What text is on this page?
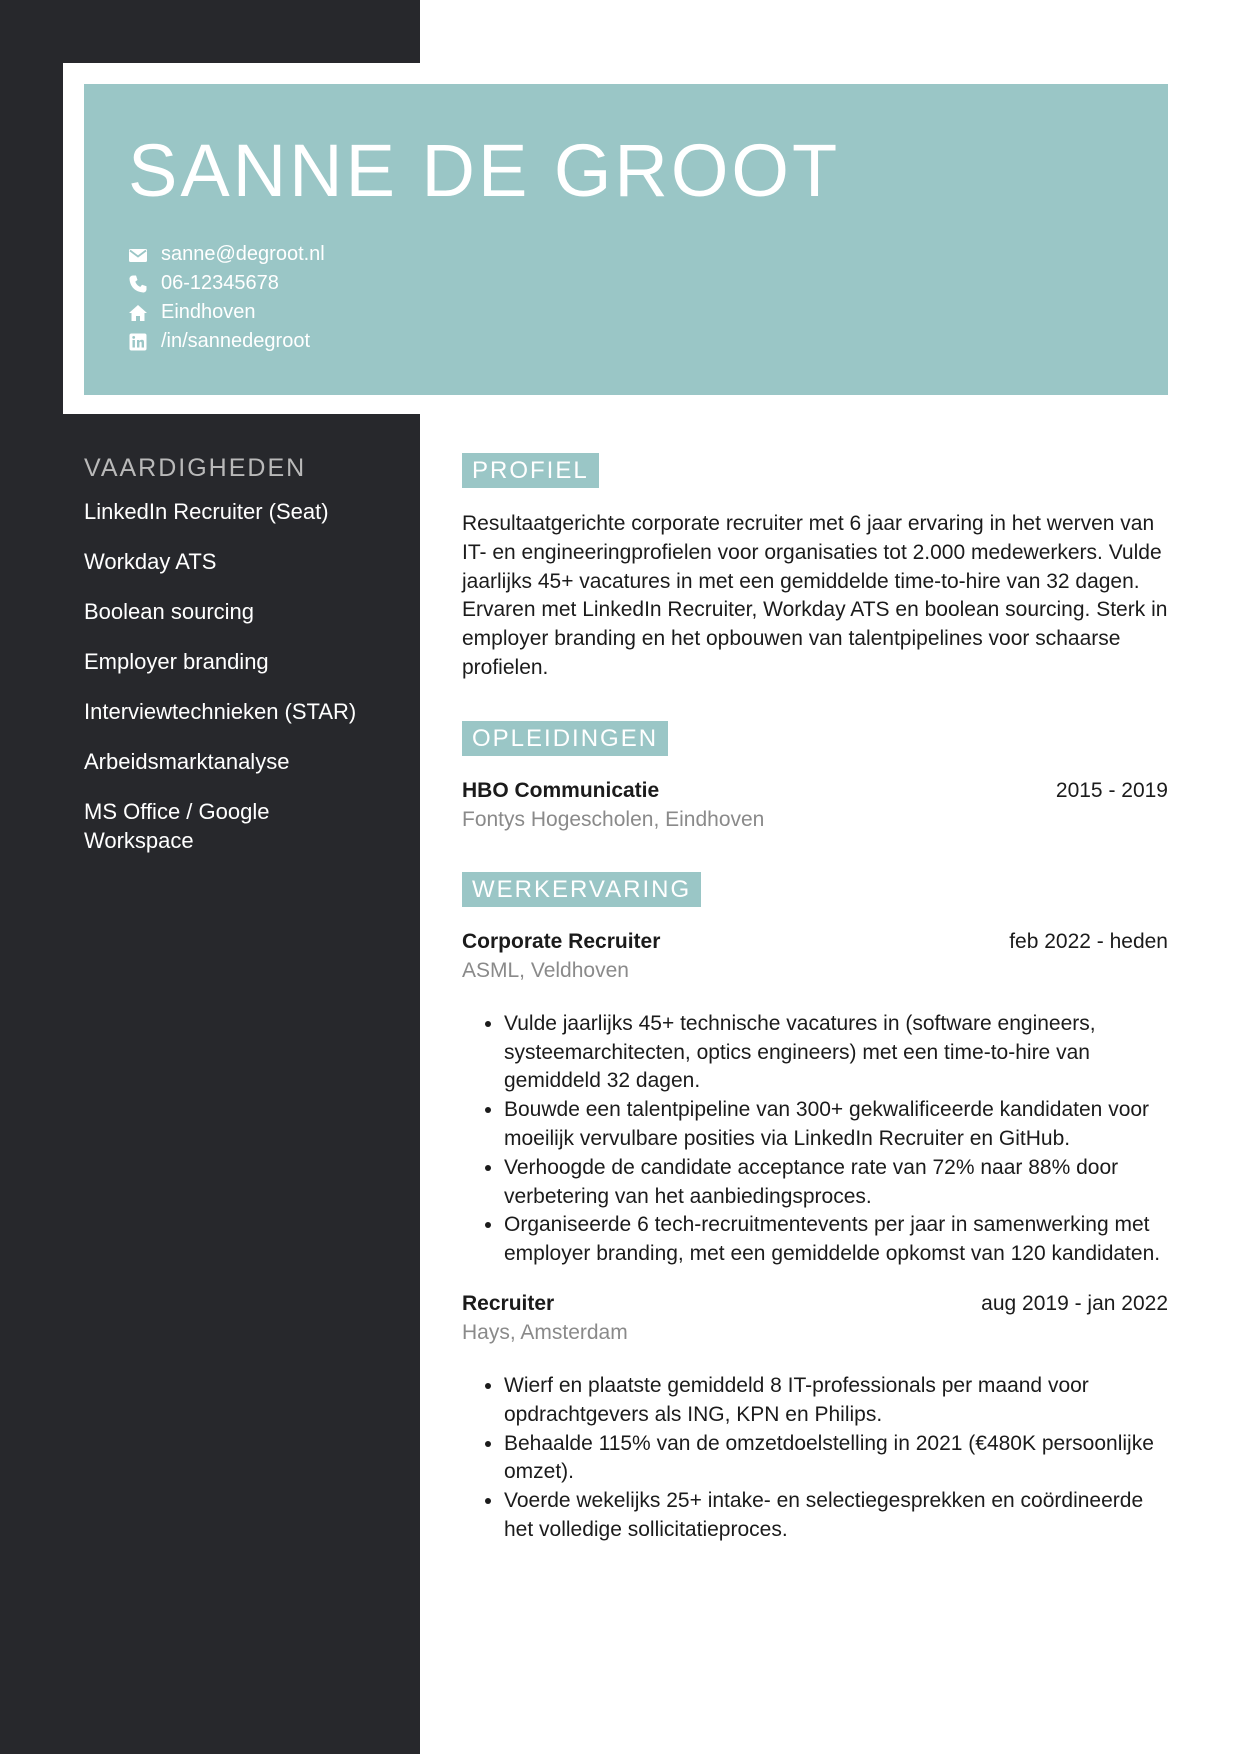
SANNE DE GROOT
sanne@degroot.nl
06-12345678
Eindhoven
/in/sannedegroot
VAARDIGHEDEN
LinkedIn Recruiter (Seat)
Workday ATS
Boolean sourcing
Employer branding
Interviewtechnieken (STAR)
Arbeidsmarktanalyse
MS Office / Google Workspace
PROFIEL

Resultaatgerichte corporate recruiter met 6 jaar ervaring in het werven van IT- en engineeringprofielen voor organisaties tot 2.000 medewerkers. Vulde jaarlijks 45+ vacatures in met een gemiddelde time-to-hire van 32 dagen. Ervaren met LinkedIn Recruiter, Workday ATS en boolean sourcing. Sterk in employer branding en het opbouwen van talentpipelines voor schaarse profielen.

OPLEIDINGEN
HBO Communicatie	2015 - 2019
Fontys Hogescholen, Eindhoven
WERKERVARING
Corporate Recruiter	feb 2022 - heden
ASML, Veldhoven
• Vulde jaarlijks 45+ technische vacatures in (software engineers, systeemarchitecten, optics engineers) met een time-to-hire van gemiddeld 32 dagen.
• Bouwde een talentpipeline van 300+ gekwalificeerde kandidaten voor moeilijk vervulbare posities via LinkedIn Recruiter en GitHub.
• Verhoogde de candidate acceptance rate van 72% naar 88% door verbetering van het aanbiedingsproces.
• Organiseerde 6 tech-recruitmentevents per jaar in samenwerking met employer branding, met een gemiddelde opkomst van 120 kandidaten.
Recruiter	aug 2019 - jan 2022
Hays, Amsterdam
• Wierf en plaatste gemiddeld 8 IT-professionals per maand voor opdrachtgevers als ING, KPN en Philips.
• Behaalde 115% van de omzetdoelstelling in 2021 (€480K persoonlijke omzet).
• Voerde wekelijks 25+ intake- en selectiegesprekken en coördineerde het volledige sollicitatieproces.
